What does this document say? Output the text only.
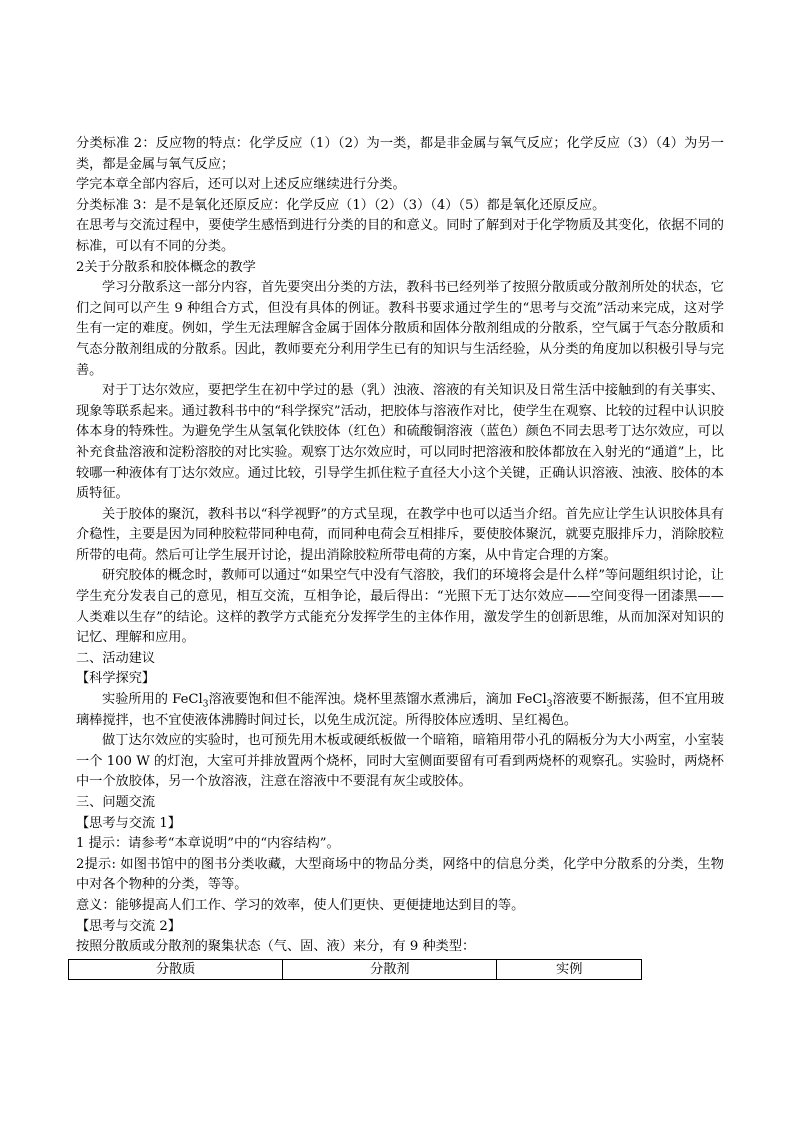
分类标准 2：反应物的特点：化学反应（1）（2）为一类，都是非金属与氧气反应；化学反应（3）（4）为另一类，都是金属与氧气反应；

学完本章全部内容后，还可以对上述反应继续进行分类。

分类标准 3：是不是氧化还原反应：化学反应（1）（2）（3）（4）（5）都是氧化还原反应。

在思考与交流过程中，要使学生感悟到进行分类的目的和意义。同时了解到对于化学物质及其变化，依据不同的标准，可以有不同的分类。

2关于分散系和胶体概念的教学

学习分散系这一部分内容，首先要突出分类的方法，教科书已经列举了按照分散质或分散剂所处的状态，它们之间可以产生 9 种组合方式，但没有具体的例证。教科书要求通过学生的“思考与交流”活动来完成，这对学生有一定的难度。例如，学生无法理解含金属于固体分散质和固体分散剂组成的分散系，空气属于气态分散质和气态分散剂组成的分散系。因此，教师要充分利用学生已有的知识与生活经验，从分类的角度加以积极引导与完善。

对于丁达尔效应，要把学生在初中学过的悬（乳）浊液、溶液的有关知识及日常生活中接触到的有关事实、现象等联系起来。通过教科书中的“科学探究”活动，把胶体与溶液作对比，使学生在观察、比较的过程中认识胶体本身的特殊性。为避免学生从氢氧化铁胶体（红色）和硫酸铜溶液（蓝色）颜色不同去思考丁达尔效应，可以补充食盐溶液和淀粉溶胶的对比实验。观察丁达尔效应时，可以同时把溶液和胶体都放在入射光的“通道”上，比较哪一种液体有丁达尔效应。通过比较，引导学生抓住粒子直径大小这个关键，正确认识溶液、浊液、胶体的本质特征。

关于胶体的聚沉，教科书以“科学视野”的方式呈现，在教学中也可以适当介绍。首先应让学生认识胶体具有介稳性，主要是因为同种胶粒带同种电荷，而同种电荷会互相排斥，要使胶体聚沉，就要克服排斥力，消除胶粒所带的电荷。然后可让学生展开讨论，提出消除胶粒所带电荷的方案，从中肯定合理的方案。

研究胶体的概念时，教师可以通过“如果空气中没有气溶胶，我们的环境将会是什么样”等问题组织讨论，让学生充分发表自己的意见，相互交流，互相争论，最后得出：“光照下无丁达尔效应——空间变得一团漆黑——人类难以生存”的结论。这样的教学方式能充分发挥学生的主体作用，激发学生的创新思维，从而加深对知识的记忆、理解和应用。

二、活动建议

【科学探究】

实验所用的 FeCl$_3$溶液要饱和但不能浑浊。烧杯里蒸馏水煮沸后，滴加 FeCl$_3$溶液要不断振荡，但不宜用玻璃棒搅拌，也不宜使液体沸腾时间过长，以免生成沉淀。所得胶体应透明、呈红褐色。

做丁达尔效应的实验时，也可预先用木板或硬纸板做一个暗箱，暗箱用带小孔的隔板分为大小两室，小室装一个 100 W 的灯泡，大室可并排放置两个烧杯，同时大室侧面要留有可看到两烧杯的观察孔。实验时，两烧杯中一个放胶体，另一个放溶液，注意在溶液中不要混有灰尘或胶体。

三、问题交流

【思考与交流 1】

1 提示：请参考“本章说明”中的“内容结构”。

2提示: 如图书馆中的图书分类收藏，大型商场中的物品分类，网络中的信息分类，化学中分散系的分类，生物中对各个物种的分类，等等。

意义：能够提高人们工作、学习的效率，使人们更快、更便捷地达到目的等。

【思考与交流 2】

按照分散质或分散剂的聚集状态（气、固、液）来分，有 9 种类型：

分散质	分散剂	实例
